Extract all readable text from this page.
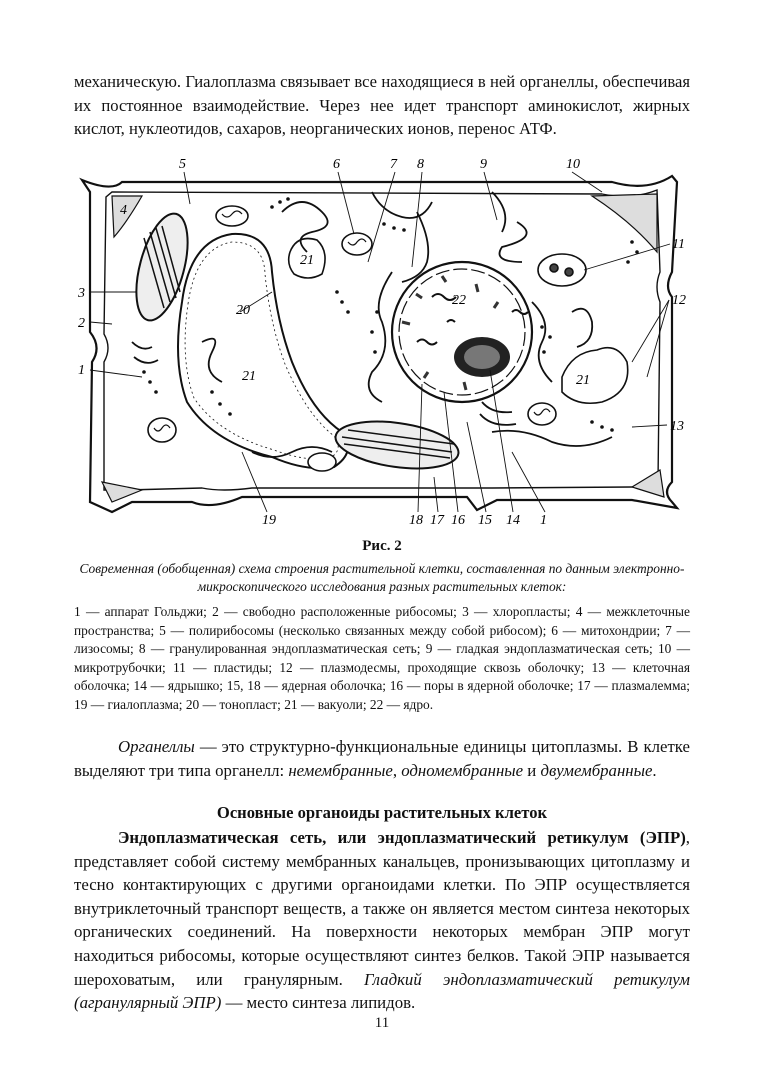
механическую. Гиалоплазма связывает все находящиеся в ней органеллы, обеспечивая их постоянное взаимодействие. Через нее идет транспорт аминокислот, жирных кислот, нуклеотидов, сахаров, неорганических ионов, перенос АТФ.

5	6	7 8	9	10
4
11
12
13
3
2
1
20
21
21
21
22
19	18 17 16 15 14 1
Рис. 2

Современная (обобщенная) схема строения растительной клетки, составленная по данным электронно-микроскопического исследования разных растительных клеток:

1 — аппарат Гольджи; 2 — свободно расположенные рибосомы; 3 — хлоропласты; 4 — межклеточные пространства; 5 — полирибосомы (несколько связанных между собой рибосом); 6 — митохондрии; 7 — лизосомы; 8 — гранулированная эндоплазматическая сеть; 9 — гладкая эндоплазматическая сеть; 10 — микротрубочки; 11 — пластиды; 12 — плазмодесмы, проходящие сквозь оболочку; 13 — клеточная оболочка; 14 — ядрышко; 15, 18 — ядерная оболочка; 16 — поры в ядерной оболочке; 17 — плазмалемма; 19 — гиалоплазма; 20 — тонопласт; 21 — вакуоли; 22 — ядро.

Органеллы — это структурно-функциональные единицы цитоплазмы. В клетке выделяют три типа органелл: немембранные, одномембранные и двумембранные.

Основные органоиды растительных клеток

Эндоплазматическая сеть, или эндоплазматический ретикулум (ЭПР), представляет собой систему мембранных канальцев, пронизывающих цитоплазму и тесно контактирующих с другими органоидами клетки. По ЭПР осуществляется внутриклеточный транспорт веществ, а также он является местом синтеза некоторых органических соединений. На поверхности некоторых мембран ЭПР могут находиться рибосомы, которые осуществляют синтез белков. Такой ЭПР называется шероховатым, или гранулярным. Гладкий эндоплазматический ретикулум (агранулярный ЭПР) — место синтеза липидов.

11
